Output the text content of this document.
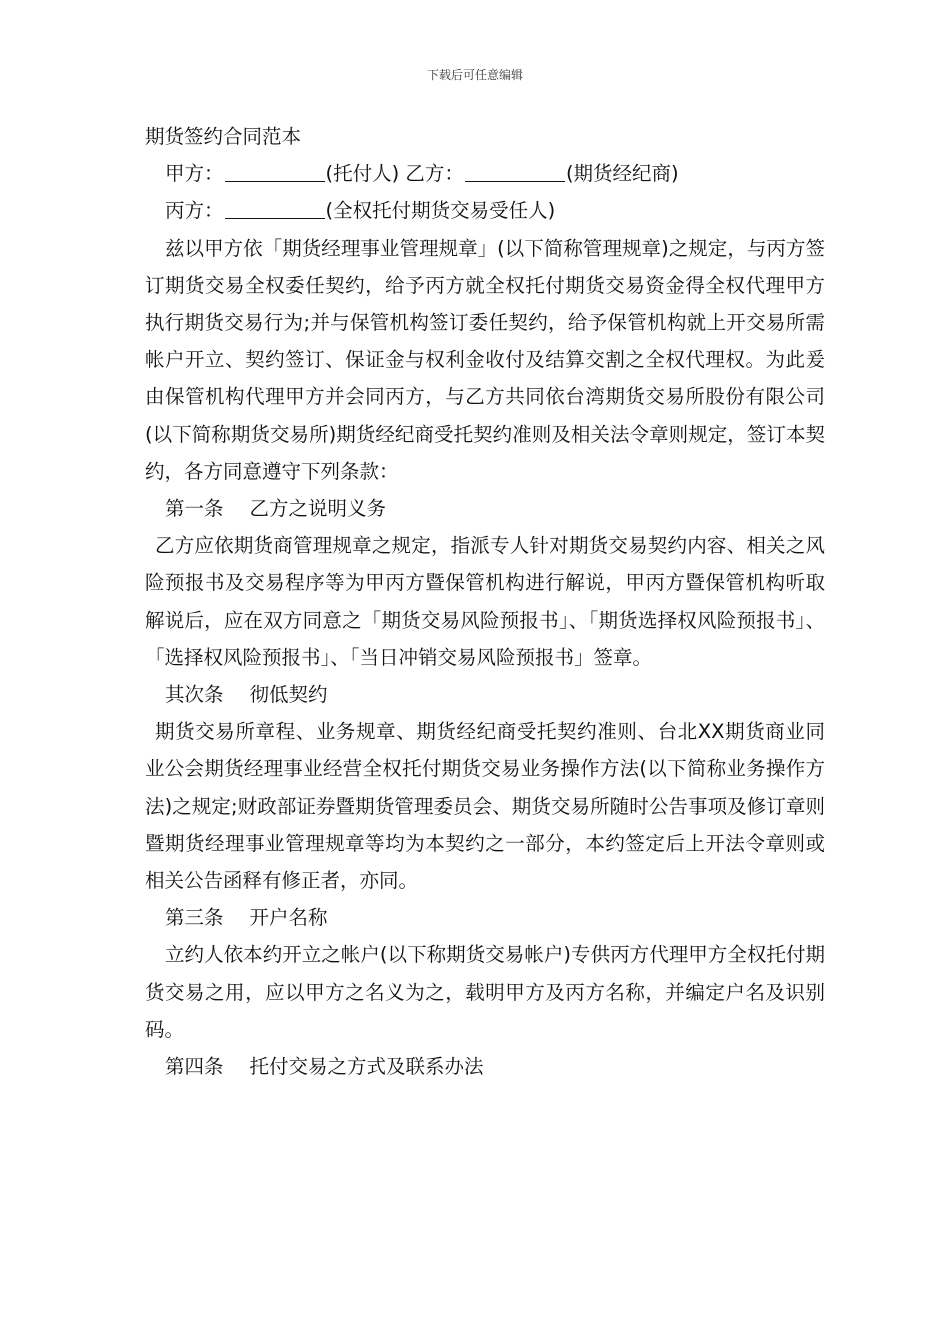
下载后可任意编辑

期货签约合同范本

甲方：	(托付人) 乙方：	(期货经纪商)

丙方：	(全权托付期货交易受任人)

兹以甲方依「期货经理事业管理规章」(以下简称管理规章)之规定，与丙方签订期货交易全权委任契约，给予丙方就全权托付期货交易资金得全权代理甲方执行期货交易行为;并与保管机构签订委任契约，给予保管机构就上开交易所需帐户开立、契约签订、保证金与权利金收付及结算交割之全权代理权。为此爰由保管机构代理甲方并会同丙方，与乙方共同依台湾期货交易所股份有限公司(以下简称期货交易所)期货经纪商受托契约准则及相关法令章则规定，签订本契约，各方同意遵守下列条款：

第一条 乙方之说明义务

乙方应依期货商管理规章之规定，指派专人针对期货交易契约内容、相关之风险预报书及交易程序等为甲丙方暨保管机构进行解说，甲丙方暨保管机构听取解说后，应在双方同意之「期货交易风险预报书」、「期货选择权风险预报书」、「选择权风险预报书」、「当日冲销交易风险预报书」签章。

其次条 彻低契约

期货交易所章程、业务规章、期货经纪商受托契约准则、台北XX期货商业同业公会期货经理事业经营全权托付期货交易业务操作方法(以下简称业务操作方法)之规定;财政部证券暨期货管理委员会、期货交易所随时公告事项及修订章则暨期货经理事业管理规章等均为本契约之一部分，本约签定后上开法令章则或相关公告函释有修正者，亦同。

第三条 开户名称

立约人依本约开立之帐户(以下称期货交易帐户)专供丙方代理甲方全权托付期货交易之用，应以甲方之名义为之，载明甲方及丙方名称，并编定户名及识别码。

第四条 托付交易之方式及联系办法
